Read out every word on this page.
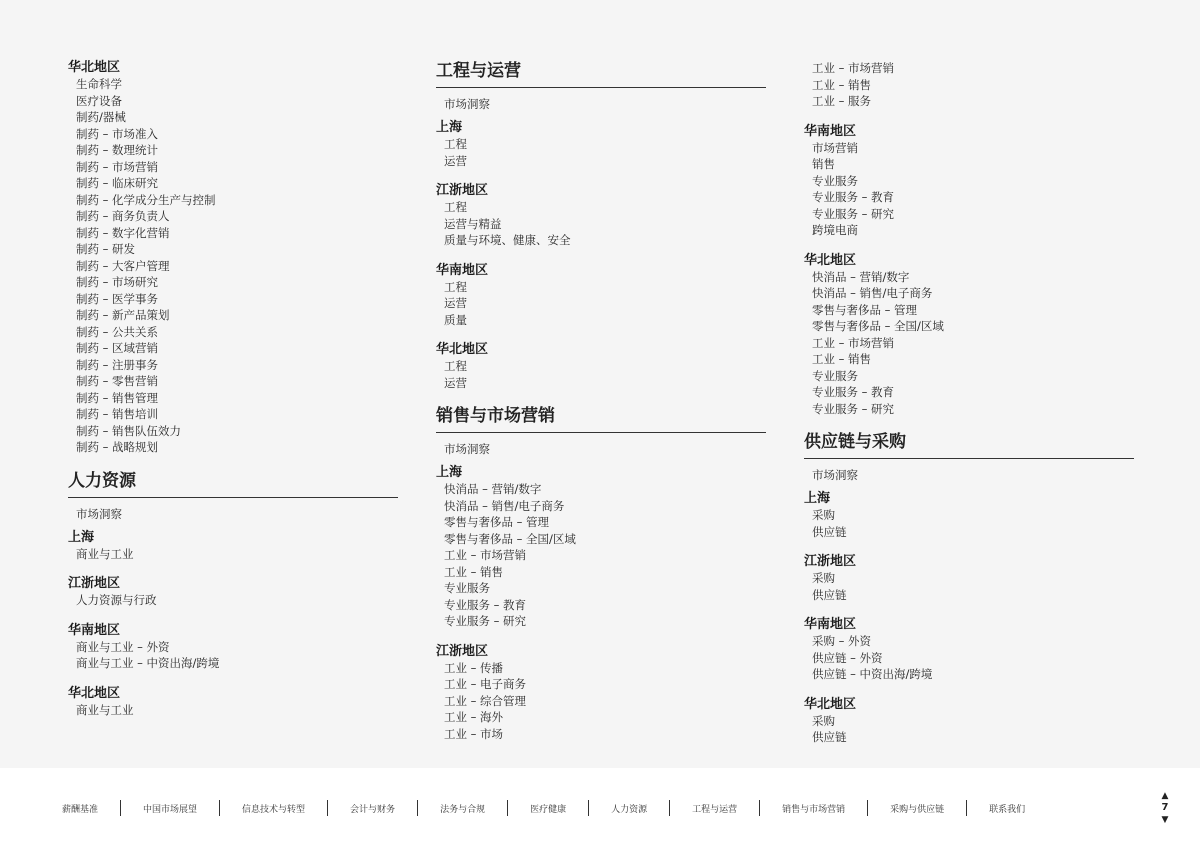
华北地区
生命科学
医疗设备
制药/器械
制药 – 市场准入
制药 – 数理统计
制药 – 市场营销
制药 – 临床研究
制药 – 化学成分生产与控制
制药 – 商务负责人
制药 – 数字化营销
制药 – 研发
制药 – 大客户管理
制药 – 市场研究
制药 – 医学事务
制药 – 新产品策划
制药 – 公共关系
制药 – 区域营销
制药 – 注册事务
制药 – 零售营销
制药 – 销售管理
制药 – 销售培训
制药 – 销售队伍效力
制药 – 战略规划
人力资源
市场洞察
上海
商业与工业
江浙地区
人力资源与行政
华南地区
商业与工业 – 外资
商业与工业 – 中资出海/跨境
华北地区
商业与工业
工程与运营
市场洞察
上海
工程
运营
江浙地区
工程
运营与精益
质量与环境、健康、安全
华南地区
工程
运营
质量
华北地区
工程
运营
销售与市场营销
市场洞察
上海
快消品 – 营销/数字
快消品 – 销售/电子商务
零售与奢侈品 – 管理
零售与奢侈品 – 全国/区域
工业 – 市场营销
工业 – 销售
专业服务
专业服务 – 教育
专业服务 – 研究
江浙地区
工业 – 传播
工业 – 电子商务
工业 – 综合管理
工业 – 海外
工业 – 市场
工业 – 市场营销
工业 – 销售
工业 – 服务
华南地区
市场营销
销售
专业服务
专业服务 – 教育
专业服务 – 研究
跨境电商
华北地区
快消品 – 营销/数字
快消品 – 销售/电子商务
零售与奢侈品 – 管理
零售与奢侈品 – 全国/区域
工业 – 市场营销
工业 – 销售
专业服务
专业服务 – 教育
专业服务 – 研究
供应链与采购
市场洞察
上海
采购
供应链
江浙地区
采购
供应链
华南地区
采购 – 外资
供应链 – 外资
供应链 – 中资出海/跨境
华北地区
采购
供应链
薪酬基准	中国市场展望	信息技术与转型	会计与财务	法务与合规	医疗健康	人力资源	工程与运营	销售与市场营销	采购与供应链	联系我们
▲
7
▼
